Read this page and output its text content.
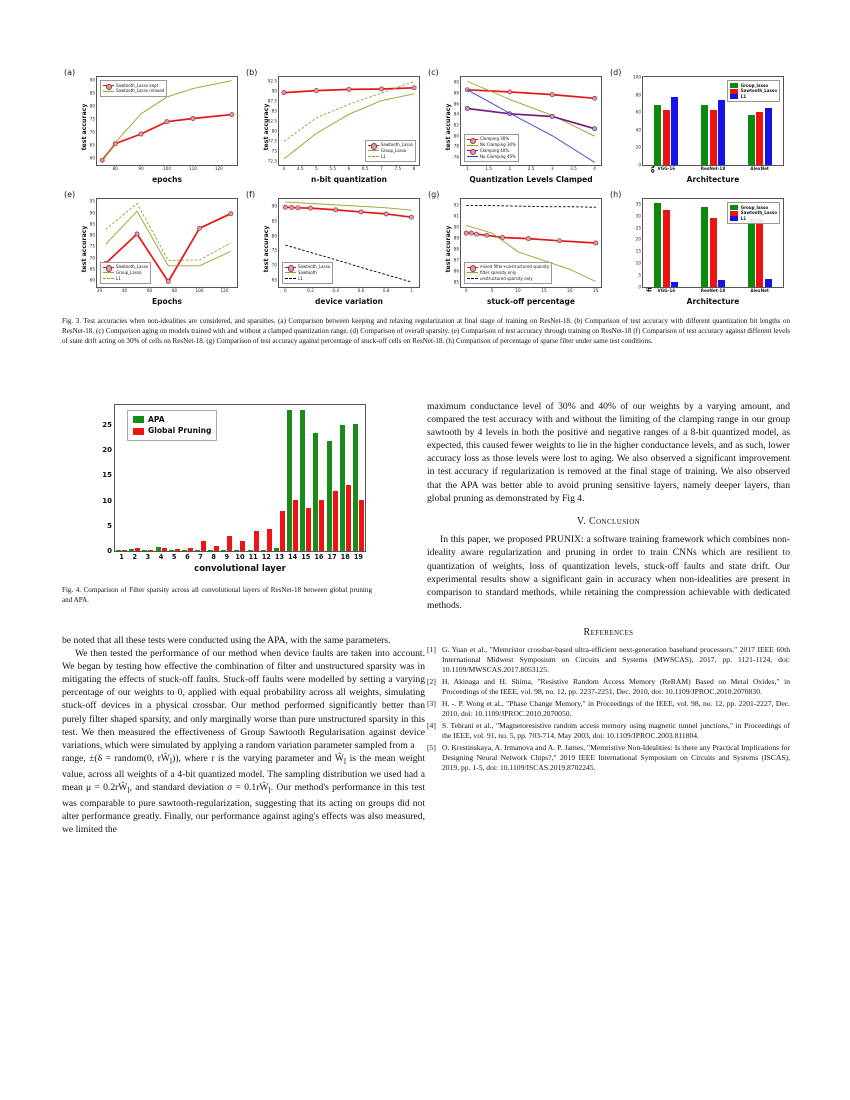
(a)
test accuracy
epochs
60
65
70
75
80
85
90
80	90	100	110	120
Sawtooth_Lasso kept
Sawtooth_Lasso relaxed
(b)
test accuracy
n-bit quantization
72.5
75
77.5
80
82.5
85
87.5
90
92.5
4	4.5	5	5.5	6	6.5	7	7.5	8
Sawtooth_Lasso
Group_Lasso
L1
(c)
test accuracy
Quantization Levels Clamped
76
78
80
82
84
86
88
90
1	1.5	2	2.5	3	3.5	4
Clamping 30%
No Clamping 30%
Clamping 40%
No Clamping 40%
(d)
Architecture
0
20
40
60
80
100
VGG-16	ResNet-18	AlexNet
Group_lasso
Sawtooth_Lasso
L1
(e)
test accuracy
Epochs
60
65
70
75
80
85
90
95
20	40	60	80	100	120
Sawtooth_Lasso
Group_Lasso
L1
(f)
test accuracy
device variation
65
70
75
80
85
90
0	0.2	0.4	0.6	0.8	1
Sawtooth_Lasso
Sawtooth
L1
(g)
test accuracy
stuck-off percentage
85
86
87
88
89
90
91
92
0	5	10	15	20	25
mixed filter+unstructured sparsity
filter sparsity only
unstructured sparsity only
(h)
Architecture
0
5
10
15
20
25
30
35
VGG-16	ResNet-18	AlexNet
Group_lasso
Sawtooth_Lasso
L1
Fig. 3. Test accuracies when non-idealities are considered, and sparsities. (a) Comparison between keeping and relaxing regularization at final stage of training on ResNet-18. (b) Comparison of test accuracy with different quantization bit lengths on ResNet-18. (c) Comparison aging on models trained with and without a clamped quantization range. (d) Comparison of overall sparsity. (e) Comparison of test accuracy through training on ResNet-18 (f) Comparison of test accuracy against different levels of state drift acting on 30% of cells on ResNet-18. (g) Comparison of test accuracy against percentage of stuck-off cells on ResNet-18. (h) Comparison of percentage of sparse filter under same test conditions.
convolutional layer
APA
Global Pruning
0
5
10
15
20
25
1 2 3 4 5 6 7 8 9 10 11 12 13 14 15 16 17 18 19
Fig. 4. Comparison of Filter sparsity across all convolutional layers of ResNet-18 between global pruning and APA.

be noted that all these tests were conducted using the APA, with the same parameters.

We then tested the performance of our method when device faults are taken into account. We began by testing how effective the combination of filter and unstructured sparsity was in mitigating the effects of stuck-off faults. Stuck-off faults were modelled by setting a varying percentage of our weights to 0, applied with equal probability across all weights, simulating stuck-off devices in a physical crossbar. Our method performed significantly better than purely filter shaped sparsity, and only marginally worse than pure unstructured sparsity in this test. We then measured the effectiveness of Group Sawtooth Regularisation against device variations, which were simulated by applying a random variation parameter sampled from a

range, ±(δ = random(0, $rŴ_l$)), where r is the varying parameter and $Ŵ_l$ is the mean weight value, across all weights of a 4-bit quantized model. The sampling distribution we used had a mean $\mu = 0.2rŴ_l$, and standard deviation $\sigma = 0.1rŴ_l$. Our method's performance in this test was comparable to pure sawtooth-regularization, suggesting that its acting on groups did not alter performance greatly. Finally, our performance against aging's effects was also measured, we limited the

maximum conductance level of 30% and 40% of our weights by a varying amount, and compared the test accuracy with and without the limiting of the clamping range in our group sawtooth by 4 levels in both the positive and negative ranges of a 8-bit quantized model, as expected, this caused fewer weights to lie in the higher conductance levels, and as such, lower accuracy loss as those levels were lost to aging. We also observed a significant improvement in test accuracy if regularization is removed at the final stage of training. We also observed that the APA was better able to avoid pruning sensitive layers, namely deeper layers, than global pruning as demonstrated by Fig 4.

V. Conclusion

In this paper, we proposed PRUNIX: a software training framework which combines non-ideality aware regularization and pruning in order to train CNNs which are resilient to quantization of weights, loss of quantization levels, stuck-off faults and state drift. Our experimental results show a significant gain in accuracy when non-idealities are present in comparison to standard methods, while retaining the compression achievable with dedicated methods.

References
[1] G. Yuan et al., "Memristor crossbar-based ultra-efficient next-generation baseband processors," 2017 IEEE 60th International Midwest Symposium on Circuits and Systems (MWSCAS), 2017, pp. 1121-1124, doi: 10.1109/MWSCAS.2017.8053125.
[2] H. Akinaga and H. Shima, "Resistive Random Access Memory (ReRAM) Based on Metal Oxides," in Proceedings of the IEEE, vol. 98, no. 12, pp. 2237-2251, Dec. 2010, doi: 10.1109/JPROC.2010.2070830.
[3] H. -. P. Wong et al., "Phase Change Memory," in Proceedings of the IEEE, vol. 98, no. 12, pp. 2201-2227, Dec. 2010, doi: 10.1109/JPROC.2010.2070050.
[4] S. Tehrani et al., "Magnetoresistive random access memory using magnetic tunnel junctions," in Proceedings of the IEEE, vol. 91, no. 5, pp. 703-714, May 2003, doi: 10.1109/JPROC.2003.811804.
[5] O. Krestinskaya, A. Irmanova and A. P. James, "Memristive Non-Idealities: Is there any Practical Implications for Designing Neural Network Chips?," 2019 IEEE International Symposium on Circuits and Systems (ISCAS), 2019, pp. 1-5, doi: 10.1109/ISCAS.2019.8702245.
